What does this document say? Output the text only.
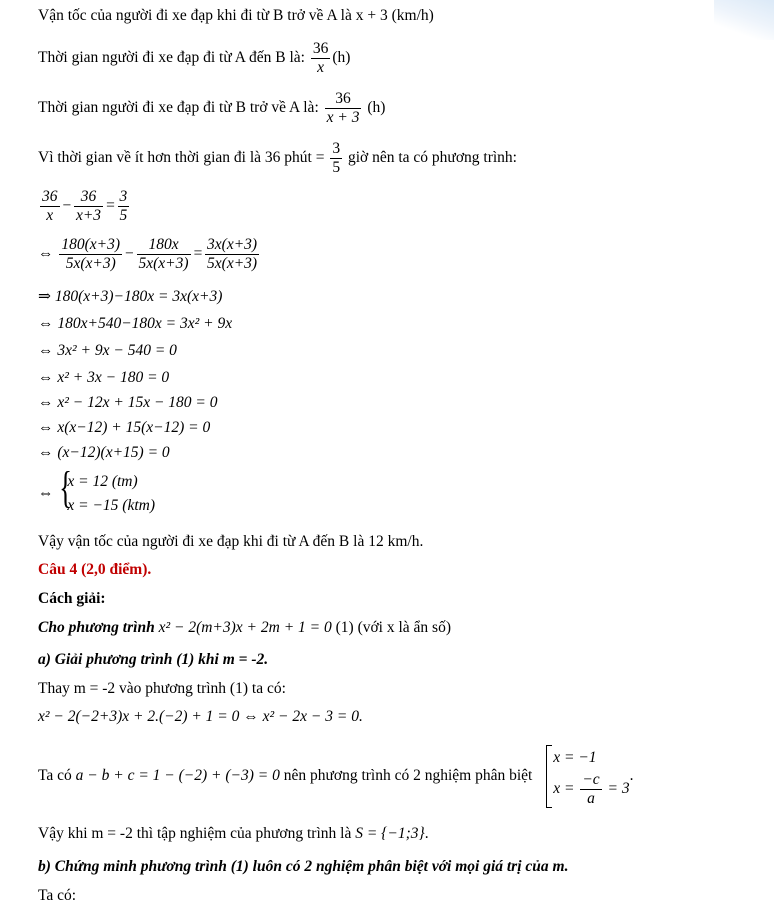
Vận tốc của người đi xe đạp khi đi từ B trở về A là x + 3 (km/h)
Thời gian người đi xe đạp đi từ A đến B là: $\frac{36}{x} (h)$
Thời gian người đi xe đạp đi từ B trở về A là: $\frac{36}{x + 3} (h)$
Vì thời gian về ít hơn thời gian đi là 36 phút = $\frac{3}{5}$ giờ nên ta có phương trình:
$\frac{36}{x} - \frac{36}{x+3} = \frac{3}{5}$
⇔ $\frac{180(x+3)}{5x(x+3)} - \frac{180x}{5x(x+3)} = \frac{3x(x+3)}{5x(x+3)}$
⇒ 180(x+3)−180x = 3x(x+3)
⇔ 180x+540−180x = 3x² + 9x
⇔ 3x² + 9x − 540 = 0
⇔ x² + 3x − 180 = 0
⇔ x² − 12x + 15x − 180 = 0
⇔ x(x−12) + 15(x−12) = 0
⇔ (x−12)(x+15) = 0
⇔ {
x = 12 (tm)
x = −15 (ktm)
Vậy vận tốc của người đi xe đạp khi đi từ A đến B là 12 km/h.
Câu 4 (2,0 điểm).
Cách giải:
Cho phương trình x² − 2(m+3)x + 2m + 1 = 0 (1) (với x là ẩn số)
a) Giải phương trình (1) khi m = -2.
Thay m = -2 vào phương trình (1) ta có:
x² − 2(−2+3)x + 2.(−2) + 1 = 0 ⇔ x² − 2x − 3 = 0.
Ta có a − b + c = 1 − (−2) + (−3) = 0 nên phương trình có 2 nghiệm phân biệt
x = −1
$x = \frac{-c}{a} = 3$
.
Vậy khi m = -2 thì tập nghiệm của phương trình là S = {−1;3}.
b) Chứng minh phương trình (1) luôn có 2 nghiệm phân biệt với mọi giá trị của m.
Ta có:
